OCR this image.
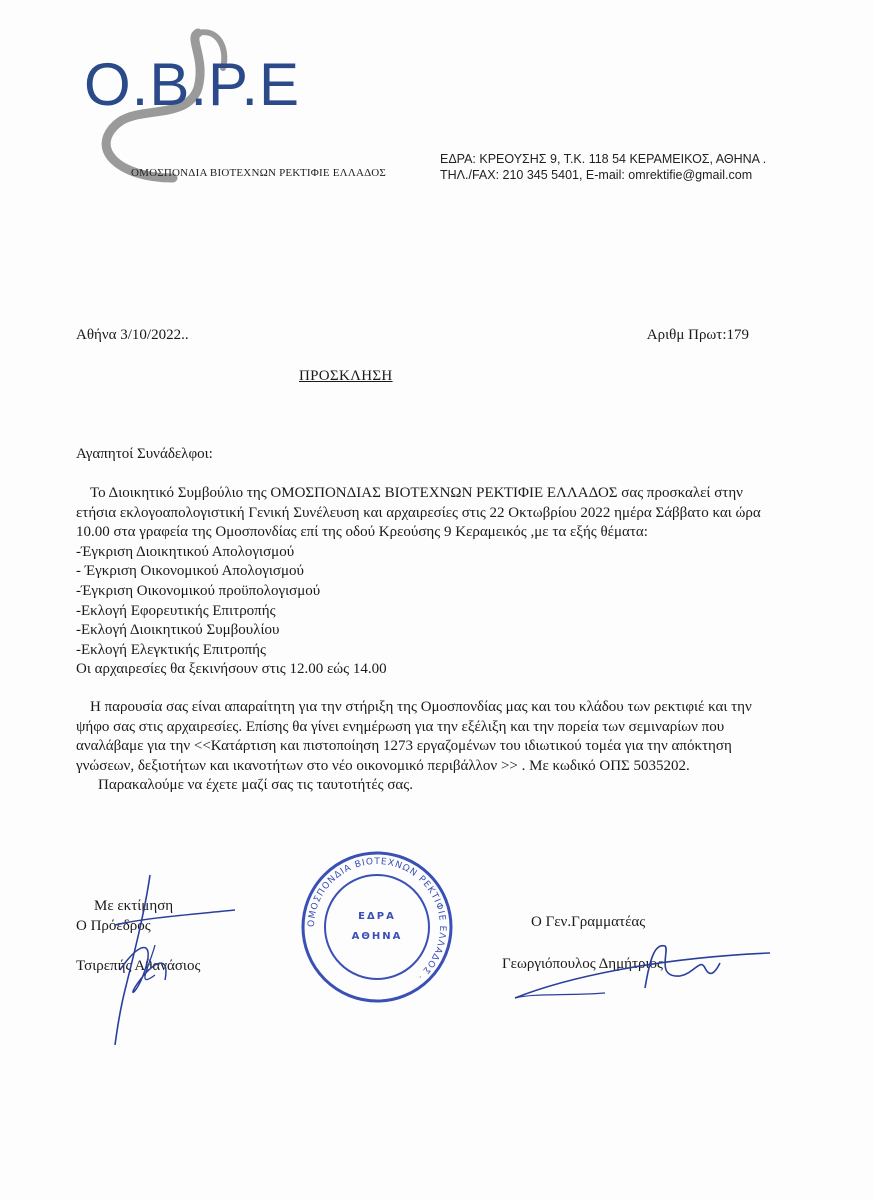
O.B.P.E
ΟΜΟΣΠΟΝΔΙΑ ΒΙΟΤΕΧΝΩΝ ΡΕΚΤΙΦΙΕ ΕΛΛΑΔΟΣ
ΕΔΡΑ: ΚΡΕΟΥΣΗΣ 9, Τ.Κ. 118 54 ΚΕΡΑΜΕΙΚΟΣ, ΑΘΗΝΑ .
ΤΗΛ./FAX: 210 345 5401, E-mail: omrektifie@gmail.com
Αθήνα 3/10/2022..	Αριθμ Πρωτ:179
ΠΡΟΣΚΛΗΣΗ
Αγαπητοί Συνάδελφοι:

Το Διοικητικό Συμβούλιο της ΟΜΟΣΠΟΝΔΙΑΣ ΒΙΟΤΕΧΝΩΝ ΡΕΚΤΙΦΙΕ ΕΛΛΑΔΟΣ σας προσκαλεί στην ετήσια εκλογοαπολογιστική Γενική Συνέλευση και αρχαιρεσίες στις 22 Οκτωβρίου 2022 ημέρα Σάββατο και ώρα 10.00 στα γραφεία της Ομοσπονδίας επί της οδού Κρεούσης 9 Κεραμεικός ,με τα εξής θέματα:

-Έγκριση Διοικητικού Απολογισμού

- Έγκριση Οικονομικού Απολογισμού

-Έγκριση Οικονομικού προϋπολογισμού

-Εκλογή Εφορευτικής Επιτροπής

-Εκλογή Διοικητικού Συμβουλίου

-Εκλογή Ελεγκτικής Επιτροπής

Οι αρχαιρεσίες θα ξεκινήσουν στις 12.00 εώς 14.00

Η παρουσία σας είναι απαραίτητη για την στήριξη της Ομοσπονδίας μας και του κλάδου των ρεκτιφιέ και την ψήφο σας στις αρχαιρεσίες. Επίσης θα γίνει ενημέρωση για την εξέλιξη και την πορεία των σεμιναρίων που αναλάβαμε για την <<Κατάρτιση και πιστοποίηση 1273 εργαζομένων του ιδιωτικού τομέα για την απόκτηση γνώσεων, δεξιοτήτων και ικανοτήτων στο νέο οικονομικό περιβάλλον >> . Με κωδικό ΟΠΣ 5035202.

Παρακαλούμε να έχετε μαζί σας τις ταυτοτήτές σας.

Με εκτίμηση
Ο Πρόεδρος
Τσιρεπής Αθανάσιος
ΟΜΟΣΠΟΝΔΙΑ ΒΙΟΤΕΧΝΩΝ ΡΕΚΤΙΦΙΕ ΕΛΛΑΔΟΣ ·
ΕΔΡΑ
ΑΘΗΝΑ
Ο Γεν.Γραμματέας
Γεωργιόπουλος Δημήτριος
